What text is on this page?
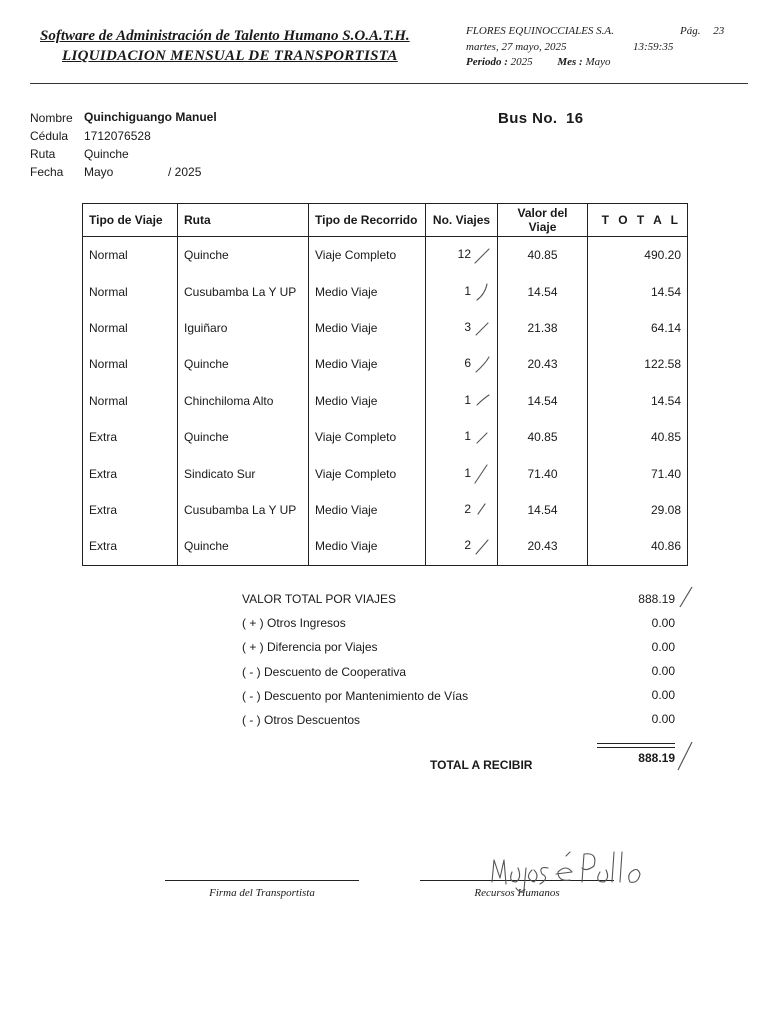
Software de Administración de Talento Humano S.O.A.T.H.
LIQUIDACION MENSUAL DE TRANSPORTISTA
FLORES EQUINOCCIALES S.A.
martes, 27 mayo, 2025	13:59:35
Periodo : 2025 Mes : Mayo
Pág. 23
Nombre Quinchiguango Manuel
Cédula 1712076528
Ruta Quinche
Fecha Mayo	/ 2025
Bus No. 16
Tipo de Viaje	Ruta	Tipo de Recorrido	No. Viajes	Valor del Viaje	T O T A L
Normal	Quinche	Viaje Completo	12	40.85	490.20
Normal	Cusubamba La Y UP	Medio Viaje	1	14.54	14.54
Normal	Iguiñaro	Medio Viaje	3	21.38	64.14
Normal	Quinche	Medio Viaje	6	20.43	122.58
Normal	Chinchiloma Alto	Medio Viaje	1	14.54	14.54
Extra	Quinche	Viaje Completo	1	40.85	40.85
Extra	Sindicato Sur	Viaje Completo	1	71.40	71.40
Extra	Cusubamba La Y UP	Medio Viaje	2	14.54	29.08
Extra	Quinche	Medio Viaje	2	20.43	40.86
VALOR TOTAL POR VIAJES	888.19
( + ) Otros Ingresos	0.00
( + ) Diferencia por Viajes	0.00
( - ) Descuento de Cooperativa	0.00
( - ) Descuento por Mantenimiento de Vías	0.00
( - ) Otros Descuentos	0.00
TOTAL A RECIBIR	888.19
Firma del Transportista	Recursos Humanos
